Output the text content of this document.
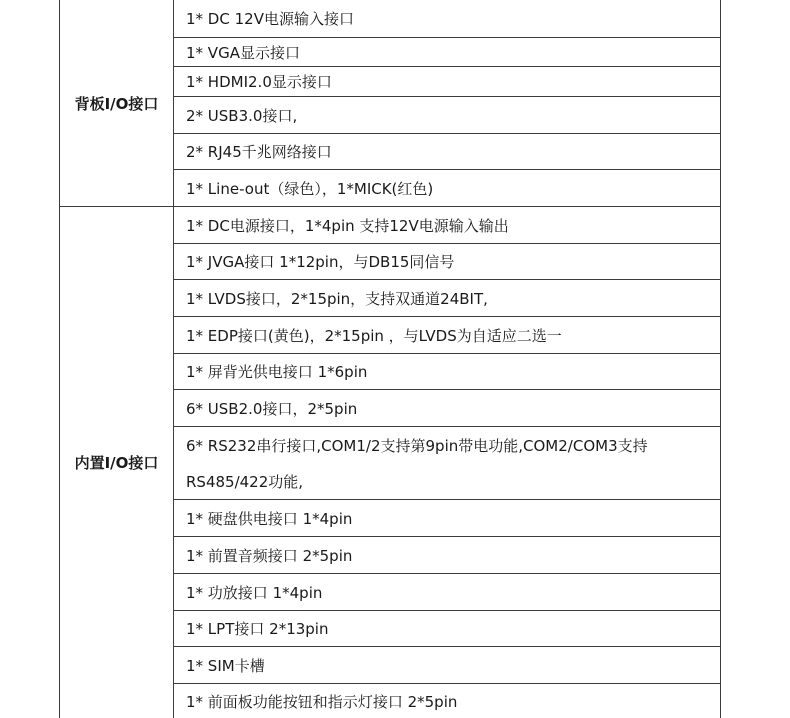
背板I/O接口
内置I/O接口
1* DC 12V电源输入接口
1* VGA显示接口
1* HDMI2.0显示接口
2* USB3.0接口,
2* RJ45千兆网络接口
1* Line-out（绿色），1*MICK(红色)
1* DC电源接口，1*4pin 支持12V电源输入输出
1* JVGA接口 1*12pin，与DB15同信号
1* LVDS接口，2*15pin，支持双通道24BIT,
1* EDP接口(黄色)，2*15pin ，与LVDS为自适应二选一
1* 屏背光供电接口 1*6pin
6* USB2.0接口，2*5pin
6* RS232串行接口,COM1/2支持第9pin带电功能,COM2/COM3支持RS485/422功能,
1* 硬盘供电接口 1*4pin
1* 前置音频接口 2*5pin
1* 功放接口 1*4pin
1* LPT接口 2*13pin
1* SIM卡槽
1* 前面板功能按钮和指示灯接口 2*5pin
